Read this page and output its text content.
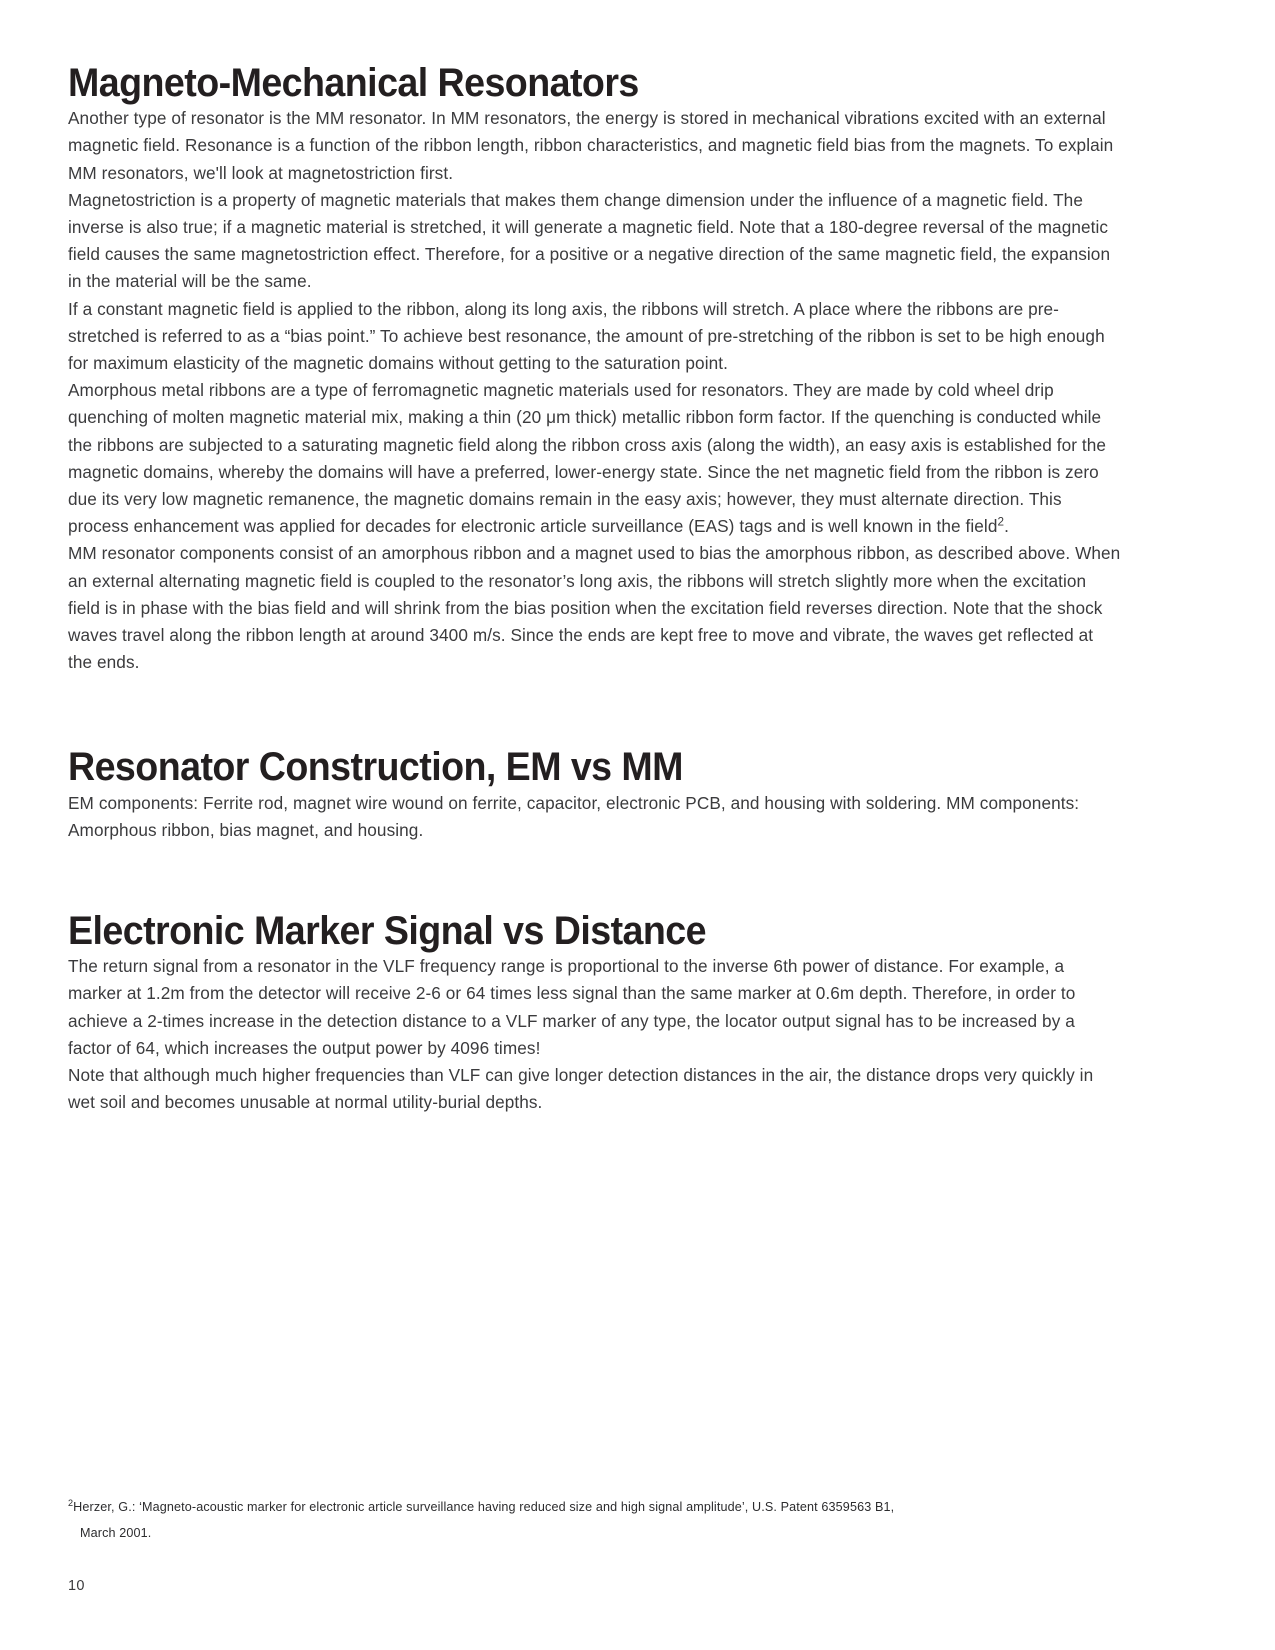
Magneto-Mechanical Resonators

Another type of resonator is the MM resonator. In MM resonators, the energy is stored in mechanical vibrations excited with an external magnetic field. Resonance is a function of the ribbon length, ribbon characteristics, and magnetic field bias from the magnets. To explain MM resonators, we'll look at magnetostriction first.

Magnetostriction is a property of magnetic materials that makes them change dimension under the influence of a magnetic field. The inverse is also true; if a magnetic material is stretched, it will generate a magnetic field. Note that a 180-degree reversal of the magnetic field causes the same magnetostriction effect. Therefore, for a positive or a negative direction of the same magnetic field, the expansion in the material will be the same.

If a constant magnetic field is applied to the ribbon, along its long axis, the ribbons will stretch. A place where the ribbons are pre-stretched is referred to as a “bias point.” To achieve best resonance, the amount of pre-stretching of the ribbon is set to be high enough for maximum elasticity of the magnetic domains without getting to the saturation point.

Amorphous metal ribbons are a type of ferromagnetic magnetic materials used for resonators. They are made by cold wheel drip quenching of molten magnetic material mix, making a thin (20 μm thick) metallic ribbon form factor. If the quenching is conducted while the ribbons are subjected to a saturating magnetic field along the ribbon cross axis (along the width), an easy axis is established for the magnetic domains, whereby the domains will have a preferred, lower-energy state. Since the net magnetic field from the ribbon is zero due its very low magnetic remanence, the magnetic domains remain in the easy axis; however, they must alternate direction. This process enhancement was applied for decades for electronic article surveillance (EAS) tags and is well known in the field$^2$.

MM resonator components consist of an amorphous ribbon and a magnet used to bias the amorphous ribbon, as described above. When an external alternating magnetic field is coupled to the resonator’s long axis, the ribbons will stretch slightly more when the excitation field is in phase with the bias field and will shrink from the bias position when the excitation field reverses direction. Note that the shock waves travel along the ribbon length at around 3400 m/s. Since the ends are kept free to move and vibrate, the waves get reflected at the ends.

Resonator Construction, EM vs MM

EM components: Ferrite rod, magnet wire wound on ferrite, capacitor, electronic PCB, and housing with soldering. MM components: Amorphous ribbon, bias magnet, and housing.

Electronic Marker Signal vs Distance

The return signal from a resonator in the VLF frequency range is proportional to the inverse 6th power of distance. For example, a marker at 1.2m from the detector will receive 2-6 or 64 times less signal than the same marker at 0.6m depth. Therefore, in order to achieve a 2-times increase in the detection distance to a VLF marker of any type, the locator output signal has to be increased by a factor of 64, which increases the output power by 4096 times!

Note that although much higher frequencies than VLF can give longer detection distances in the air, the distance drops very quickly in wet soil and becomes unusable at normal utility-burial depths.

$^2$Herzer, G.: ‘Magneto-acoustic marker for electronic article surveillance having reduced size and high signal amplitude’, U.S. Patent 6359563 B1,
March 2001.
10
